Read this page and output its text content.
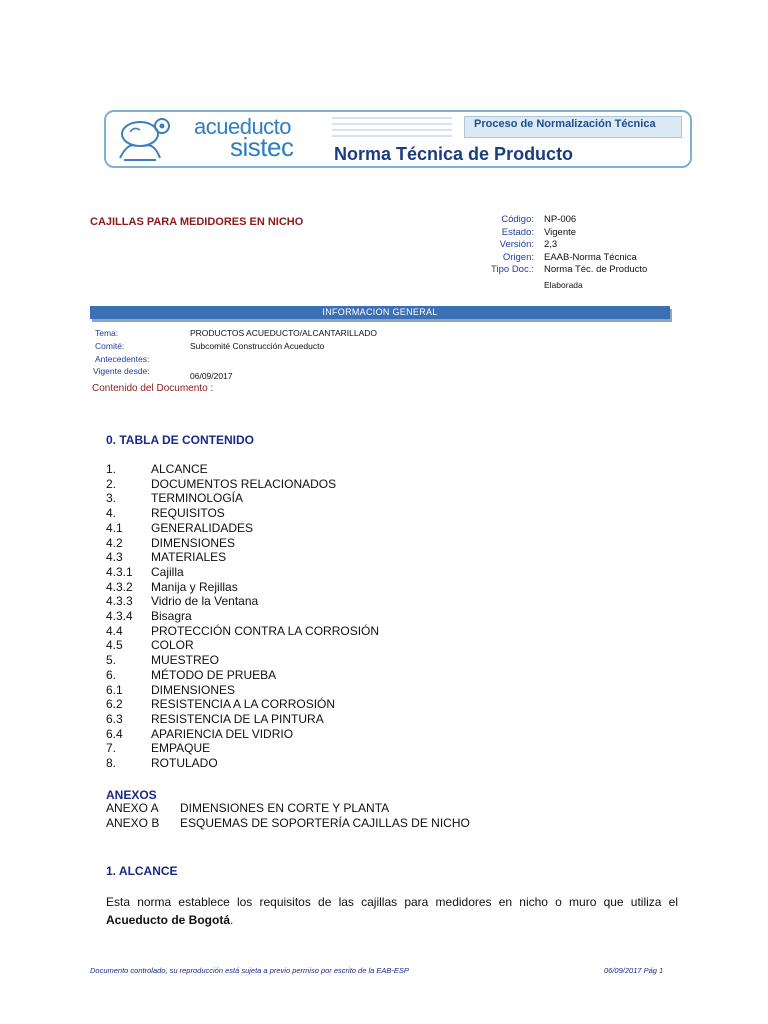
acueducto
sistec
Proceso de Normalización Técnica
Norma Técnica de Producto
CAJILLAS PARA MEDIDORES EN NICHO	Código:	NP-006
Estado:	Vigente
Versión:	2,3
Origen:	EAAB-Norma Técnica
Tipo Doc.:	Norma Téc. de Producto
Elaborada
INFORMACION GENERAL
Tema:	PRODUCTOS ACUEDUCTO/ALCANTARILLADO
Comité:	Subcomité Construcción Acueducto
Antecedentes:
Vigente desde:	06/09/2017
Contenido del Documento :
0. TABLA DE CONTENIDO
1.	ALCANCE
2.	DOCUMENTOS RELACIONADOS
3.	TERMINOLOGÍA
4.	REQUISITOS
4.1	GENERALIDADES
4.2	DIMENSIONES
4.3	MATERIALES
4.3.1	Cajilla
4.3.2	Manija y Rejillas
4.3.3	Vidrio de la Ventana
4.3.4	Bisagra
4.4	PROTECCIÓN CONTRA LA CORROSIÓN
4.5	COLOR
5.	MUESTREO
6.	MÉTODO DE PRUEBA
6.1	DIMENSIONES
6.2	RESISTENCIA A LA CORROSIÓN
6.3	RESISTENCIA DE LA PINTURA
6.4	APARIENCIA DEL VIDRIO
7.	EMPAQUE
8.	ROTULADO
ANEXOS
ANEXO A	DIMENSIONES EN CORTE Y PLANTA
ANEXO B	ESQUEMAS DE SOPORTERÍA CAJILLAS DE NICHO
1. ALCANCE
Esta norma establece los requisitos de las cajillas para medidores en nicho o muro que utiliza el Acueducto de Bogotá.
Documento controlado, su reproducción está sujeta a previo permiso por escrito de la EAB-ESP	06/09/2017 Pág 1
